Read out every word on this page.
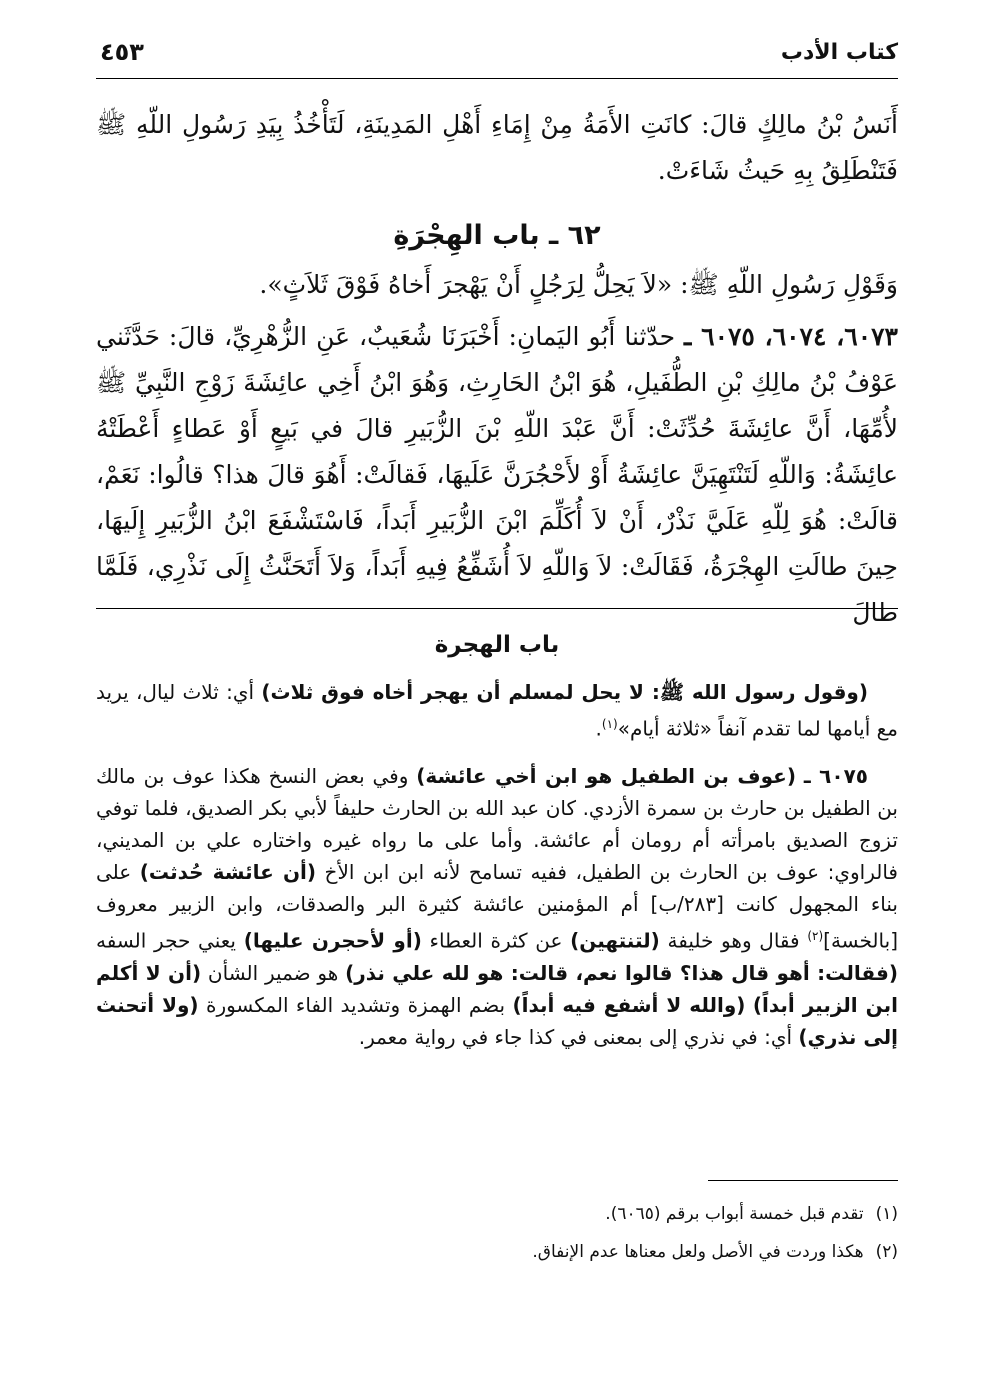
كتاب الأدب
٤٥٣

أَنَسُ بْنُ مالِكٍ قالَ: كانَتِ الأَمَةُ مِنْ إِمَاءِ أَهْلِ المَدِينَةِ، لَتَأْخُذُ بِيَدِ رَسُولِ اللّهِ ﷺ فَتَنْطَلِقُ بِهِ حَيثُ شَاءَتْ.

٦٢ ـ باب الهِجْرَةِ

وَقَوْلِ رَسُولِ اللّهِ ﷺ: «لاَ يَحِلُّ لِرَجُلٍ أَنْ يَهْجرَ أَخاهُ فَوْقَ ثَلاَثٍ».

٦٠٧٣، ٦٠٧٤، ٦٠٧٥ ـ حدّثنا أَبُو اليَمانِ: أَخْبَرَنَا شُعَيبٌ، عَنِ الزُّهْرِيِّ، قالَ: حَدَّثَني عَوْفُ بْنُ مالِكِ بْنِ الطُّفَيلِ، هُوَ ابْنُ الحَارِثِ، وَهُوَ ابْنُ أَخِي عائِشَةَ زَوْجِ النَّبِيِّ ﷺ لأُمِّهَا، أَنَّ عائِشَةَ حُدِّثَتْ: أَنَّ عَبْدَ اللّهِ بْنَ الزُّبَيرِ قالَ في بَيعٍ أَوْ عَطاءٍ أَعْطَتْهُ عائِشَةُ: وَاللّهِ لَتَنْتَهِيَنَّ عائِشَةُ أَوْ لأَحْجُرَنَّ عَلَيهَا، فَقالَتْ: أَهُوَ قالَ هذا؟ قالُوا: نَعَمْ، قالَتْ: هُوَ لِلّهِ عَلَيَّ نَذْرٌ، أَنْ لاَ أُكَلِّمَ ابْنَ الزُّبَيرِ أَبَداً، فَاسْتَشْفَعَ ابْنُ الزُّبَيرِ إِلَيهَا، حِينَ طالَتِ الهِجْرَةُ، فَقَالَتْ: لاَ وَاللّهِ لاَ أُشَفِّعُ فِيهِ أَبَداً، وَلاَ أَتَحَنَّثُ إِلَى نَذْرِي، فَلَمَّا طالَ

باب الهجرة

(وقول رسول الله ﷺ: لا يحل لمسلم أن يهجر أخاه فوق ثلاث) أي: ثلاث ليال، يريد مع أيامها لما تقدم آنفاً «ثلاثة أيام»$^{(١)}$.

٦٠٧٥ ـ (عوف بن الطفيل هو ابن أخي عائشة) وفي بعض النسخ هكذا عوف بن مالك بن الطفيل بن حارث بن سمرة الأزدي. كان عبد الله بن الحارث حليفاً لأبي بكر الصديق، فلما توفي تزوج الصديق بامرأته أم رومان أم عائشة. وأما على ما رواه غيره واختاره علي بن المديني، فالراوي: عوف بن الحارث بن الطفيل، ففيه تسامح لأنه ابن ابن الأخ (أن عائشة حُدثت) على بناء المجهول كانت [٢٨٣/ب] أم المؤمنين عائشة كثيرة البر والصدقات، وابن الزبير معروف [بالخسة]$^{(٢)}$ فقال وهو خليفة (لتنتهين) عن كثرة العطاء (أو لأحجرن عليها) يعني حجر السفه (فقالت: أهو قال هذا؟ قالوا نعم، قالت: هو لله علي نذر) هو ضمير الشأن (أن لا أكلم ابن الزبير أبداً) (والله لا أشفع فيه أبداً) بضم الهمزة وتشديد الفاء المكسورة (ولا أتحنث إلى نذري) أي: في نذري إلى بمعنى في كذا جاء في رواية معمر.

(١)تقدم قبل خمسة أبواب برقم (٦٠٦٥).

(٢)هكذا وردت في الأصل ولعل معناها عدم الإنفاق.
